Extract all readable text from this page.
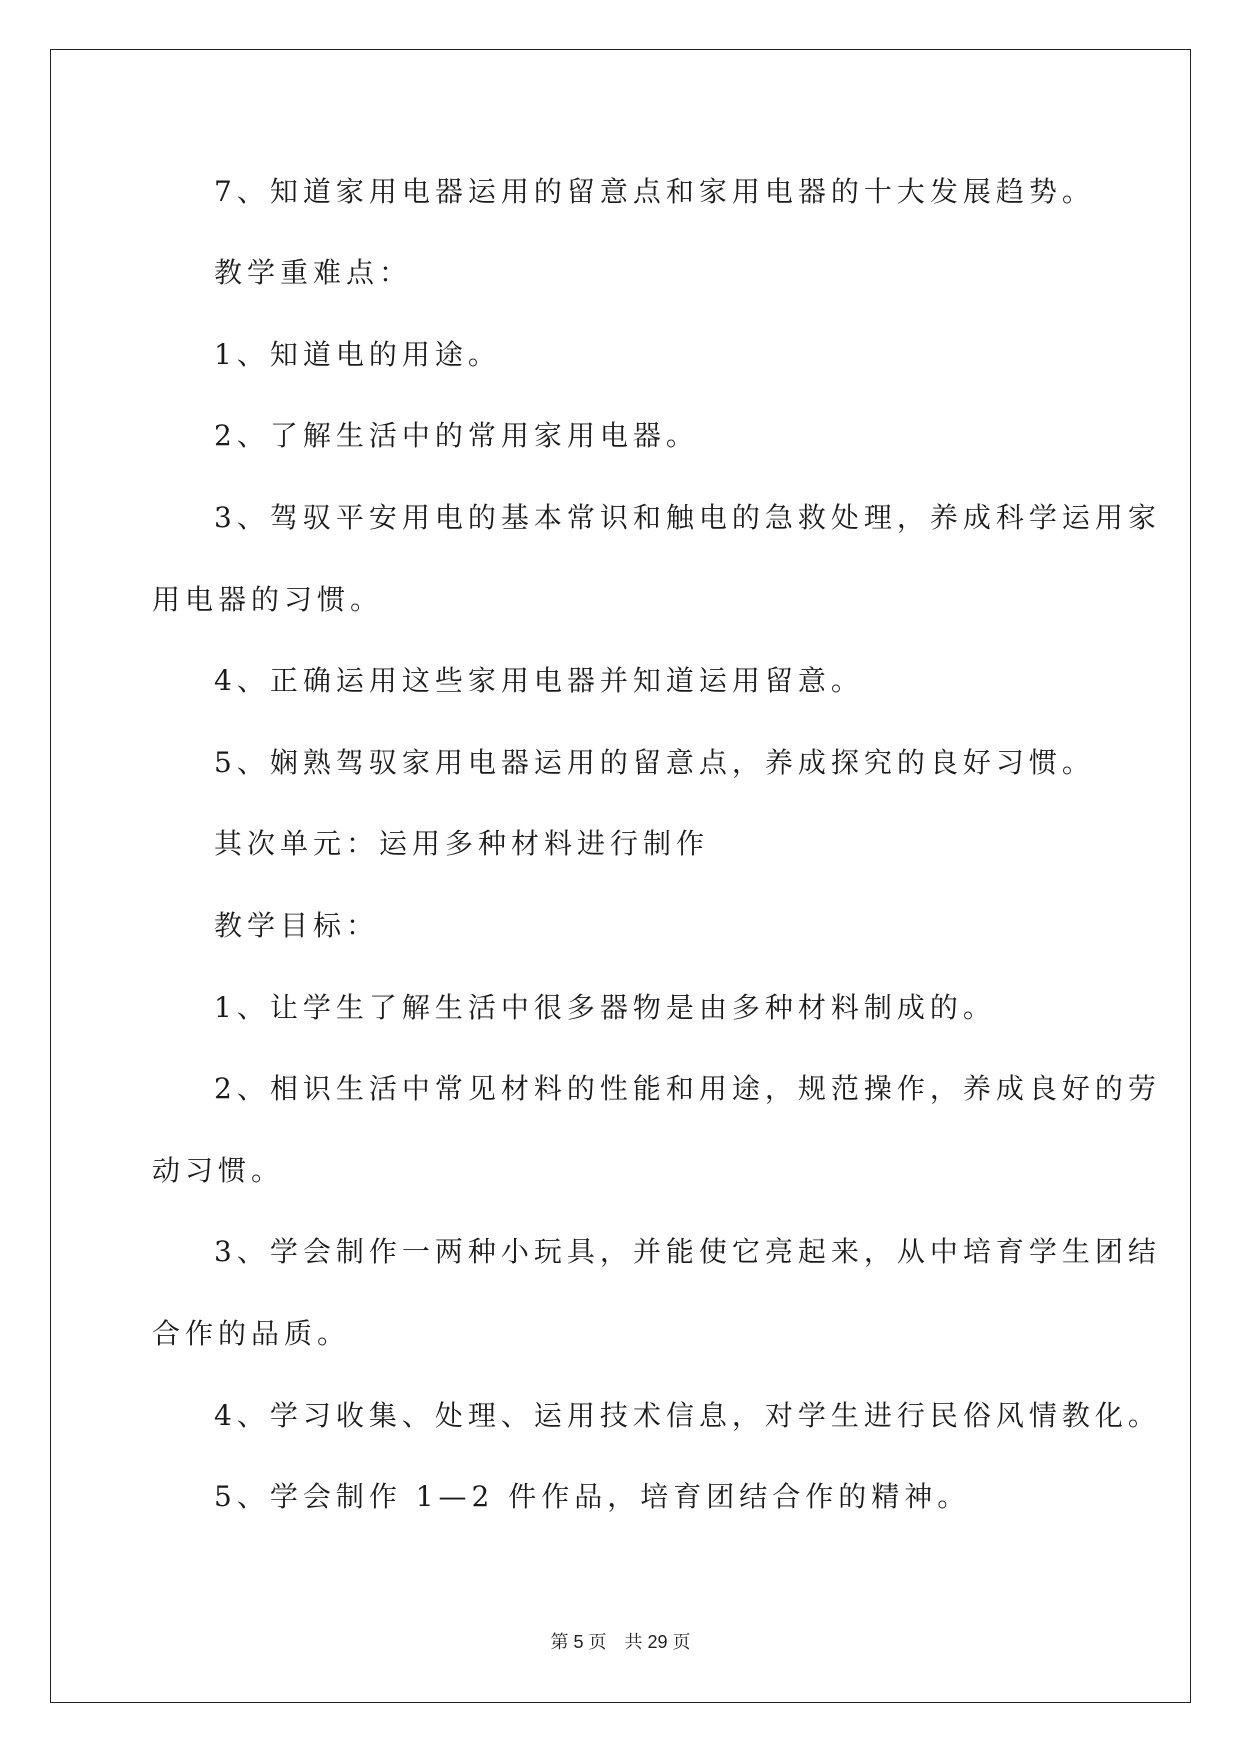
7、知道家用电器运用的留意点和家用电器的十大发展趋势。
教学重难点：
1、知道电的用途。
2、了解生活中的常用家用电器。
3、驾驭平安用电的基本常识和触电的急救处理，养成科学运用家
用电器的习惯。
4、正确运用这些家用电器并知道运用留意。
5、娴熟驾驭家用电器运用的留意点，养成探究的良好习惯。
其次单元：运用多种材料进行制作
教学目标：
1、让学生了解生活中很多器物是由多种材料制成的。
2、相识生活中常见材料的性能和用途，规范操作，养成良好的劳
动习惯。
3、学会制作一两种小玩具，并能使它亮起来，从中培育学生团结
合作的品质。
4、学习收集、处理、运用技术信息，对学生进行民俗风情教化。
5、学会制作 1—2 件作品，培育团结合作的精神。
第 5 页 共 29 页
